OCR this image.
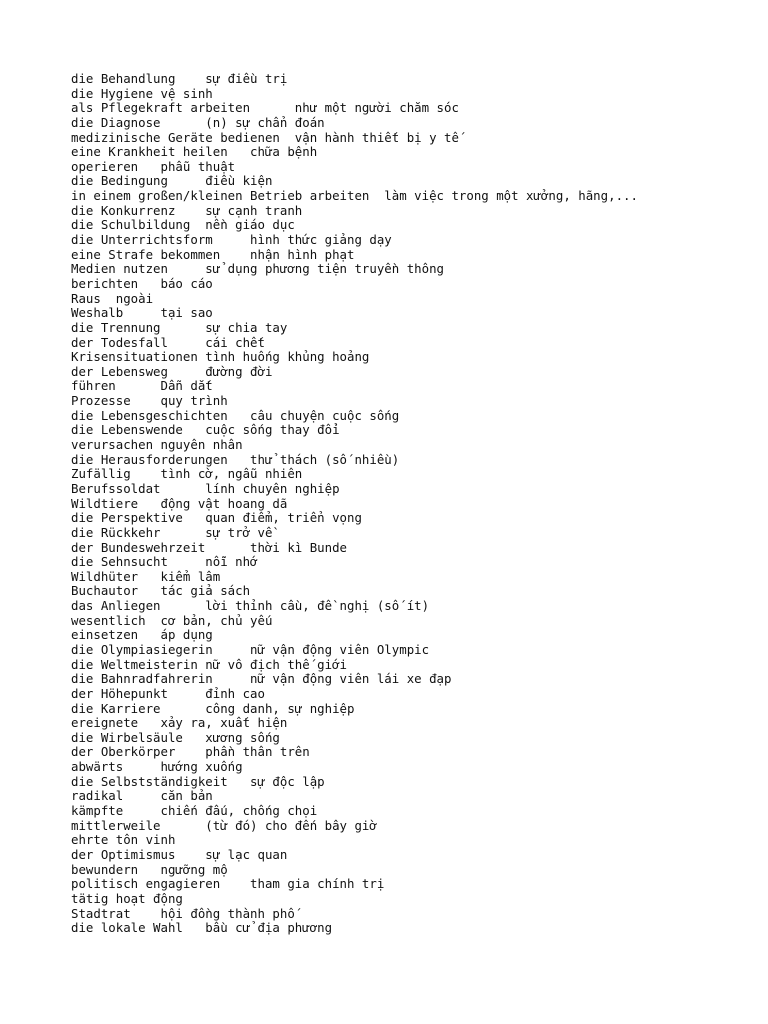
die Behandlung    sự điều trị
die Hygiene vệ sinh
als Pflegekraft arbeiten      như một người chăm sóc
die Diagnose      (n) sự chẩn đoán
medizinische Geräte bedienen  vận hành thiết bị y tế
eine Krankheit heilen   chữa bệnh
operieren   phẫu thuật
die Bedingung     điều kiện
in einem großen/kleinen Betrieb arbeiten  làm việc trong một xưởng, hãng,...
die Konkurrenz    sự cạnh tranh
die Schulbildung  nền giáo dục
die Unterrichtsform     hình thức giảng dạy
eine Strafe bekommen    nhận hình phạt
Medien nutzen     sử dụng phương tiện truyền thông
berichten   báo cáo
Raus  ngoài
Weshalb     tại sao
die Trennung      sự chia tay
der Todesfall     cái chết
Krisensituationen tình huống khủng hoảng
der Lebensweg     đường đời
führen      Dẫn dắt
Prozesse    quy trình
die Lebensgeschichten   câu chuyện cuộc sống
die Lebenswende   cuộc sống thay đổi
verursachen nguyên nhân
die Herausforderungen   thử thách (số nhiều)
Zufällig    tình cờ, ngẫu nhiên
Berufssoldat      lính chuyên nghiệp
Wildtiere   động vật hoang dã
die Perspektive   quan điểm, triển vọng
die Rückkehr      sự trở về
der Bundeswehrzeit      thời kì Bunde
die Sehnsucht     nỗi nhớ
Wildhüter   kiểm lâm
Buchautor   tác giả sách
das Anliegen      lời thỉnh cầu, đề nghị (số ít)
wesentlich  cơ bản, chủ yếu
einsetzen   áp dụng
die Olympiasiegerin     nữ vận động viên Olympic
die Weltmeisterin nữ vô địch thế giới
die Bahnradfahrerin     nữ vận động viên lái xe đạp
der Höhepunkt     đỉnh cao
die Karriere      công danh, sự nghiệp
ereignete   xảy ra, xuất hiện
die Wirbelsäule   xương sống
der Oberkörper    phần thân trên
abwärts     hướng xuống
die Selbstständigkeit   sự độc lập
radikal     căn bản
kämpfte     chiến đấu, chống chọi
mittlerweile      (từ đó) cho đến bây giờ
ehrte tôn vinh
der Optimismus    sự lạc quan
bewundern   ngưỡng mộ
politisch engagieren    tham gia chính trị
tätig hoạt động
Stadtrat    hội đồng thành phố
die lokale Wahl   bầu cử địa phương
